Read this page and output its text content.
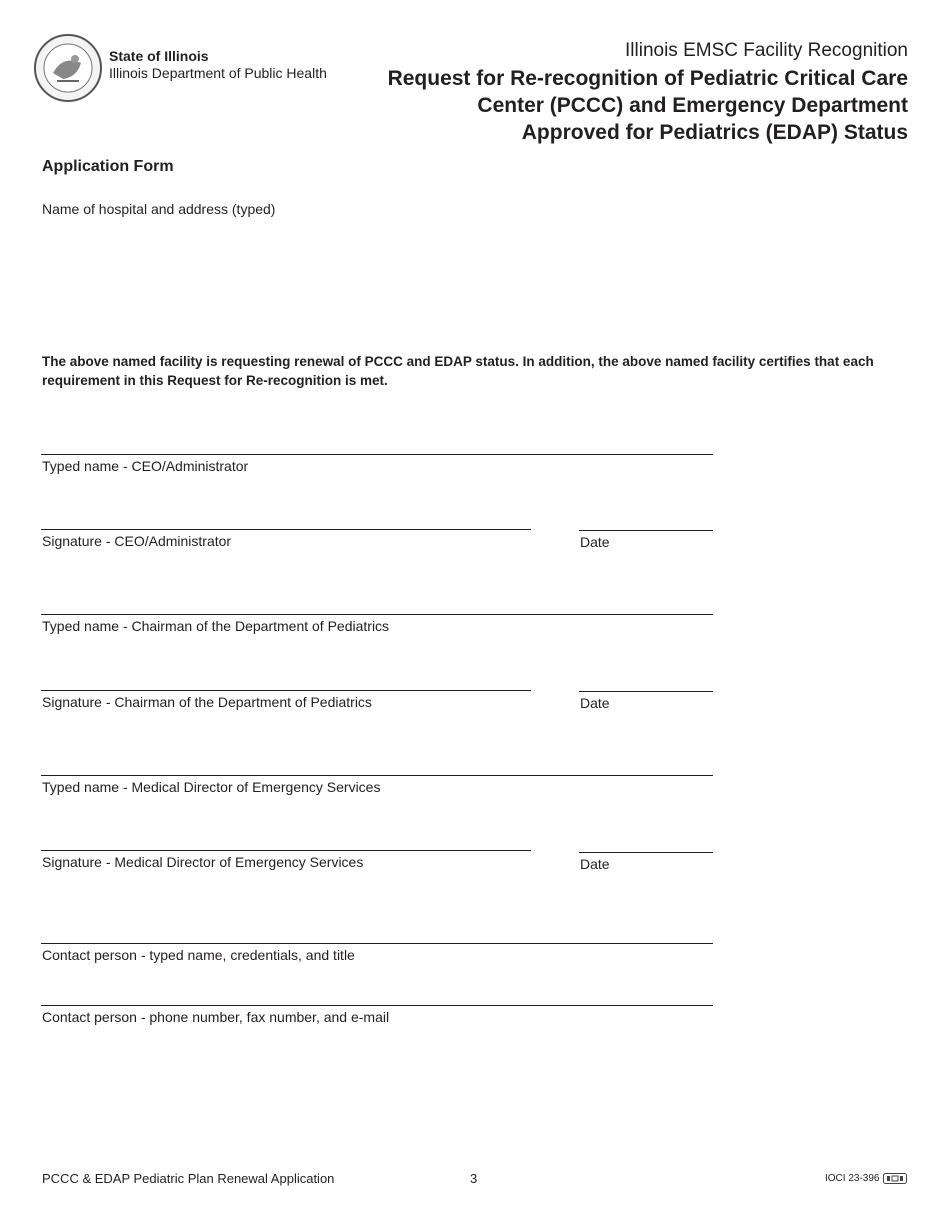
State of Illinois
Illinois Department of Public Health
Illinois EMSC Facility Recognition
Request for Re-recognition of Pediatric Critical Care
Center (PCCC) and Emergency Department
Approved for Pediatrics (EDAP) Status
Application Form
Name of hospital and address (typed)
The above named facility is requesting renewal of PCCC and EDAP status. In addition, the above named facility certifies that each requirement in this Request for Re-recognition is met.
Typed name - CEO/Administrator
Signature - CEO/Administrator	Date
Typed name - Chairman of the Department of Pediatrics
Signature - Chairman of the Department of Pediatrics	Date
Typed name - Medical Director of Emergency Services
Signature - Medical Director of Emergency Services	Date
Contact person - typed name, credentials, and title
Contact person - phone number, fax number, and e-mail
PCCC & EDAP Pediatric Plan Renewal Application	3	IOCI 23-396
